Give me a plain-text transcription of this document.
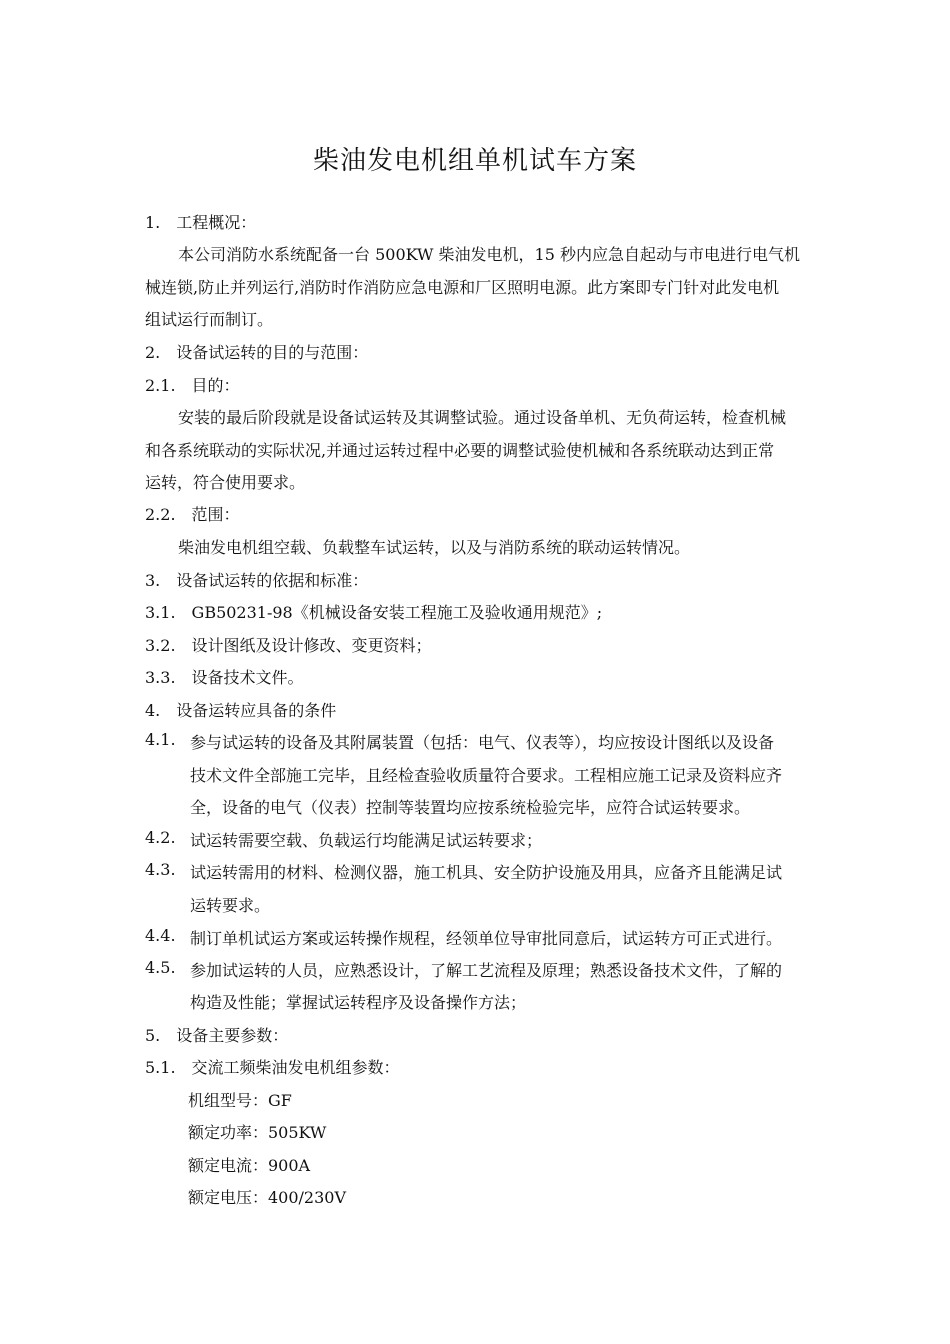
柴油发电机组单机试车方案
1.　工程概况：
本公司消防水系统配备一台 500KW 柴油发电机，15 秒内应急自起动与市电进行电气机
械连锁,防止并列运行,消防时作消防应急电源和厂区照明电源。此方案即专门针对此发电机
组试运行而制订。
2.　设备试运转的目的与范围：
2.1.　目的：
安装的最后阶段就是设备试运转及其调整试验。通过设备单机、无负荷运转，检查机械
和各系统联动的实际状况,并通过运转过程中必要的调整试验使机械和各系统联动达到正常
运转，符合使用要求。
2.2.　范围：
柴油发电机组空载、负载整车试运转，以及与消防系统的联动运转情况。
3.　设备试运转的依据和标准：
3.1.　GB50231-98《机械设备安装工程施工及验收通用规范》;
3.2.　设计图纸及设计修改、变更资料；
3.3.　设备技术文件。
4.　设备运转应具备的条件
4.1. 参与试运转的设备及其附属装置（包括：电气、仪表等），均应按设计图纸以及设备
技术文件全部施工完毕，且经检查验收质量符合要求。工程相应施工记录及资料应齐
全，设备的电气（仪表）控制等装置均应按系统检验完毕，应符合试运转要求。
4.2. 试运转需要空载、负载运行均能满足试运转要求；
4.3. 试运转需用的材料、检测仪器，施工机具、安全防护设施及用具，应备齐且能满足试
运转要求。
4.4. 制订单机试运方案或运转操作规程，经领单位导审批同意后，试运转方可正式进行。
4.5. 参加试运转的人员，应熟悉设计，了解工艺流程及原理；熟悉设备技术文件，了解的
构造及性能；掌握试运转程序及设备操作方法；
5.　设备主要参数：
5.1.　交流工频柴油发电机组参数：
机组型号：GF
额定功率：505KW
额定电流：900A
额定电压：400/230V
